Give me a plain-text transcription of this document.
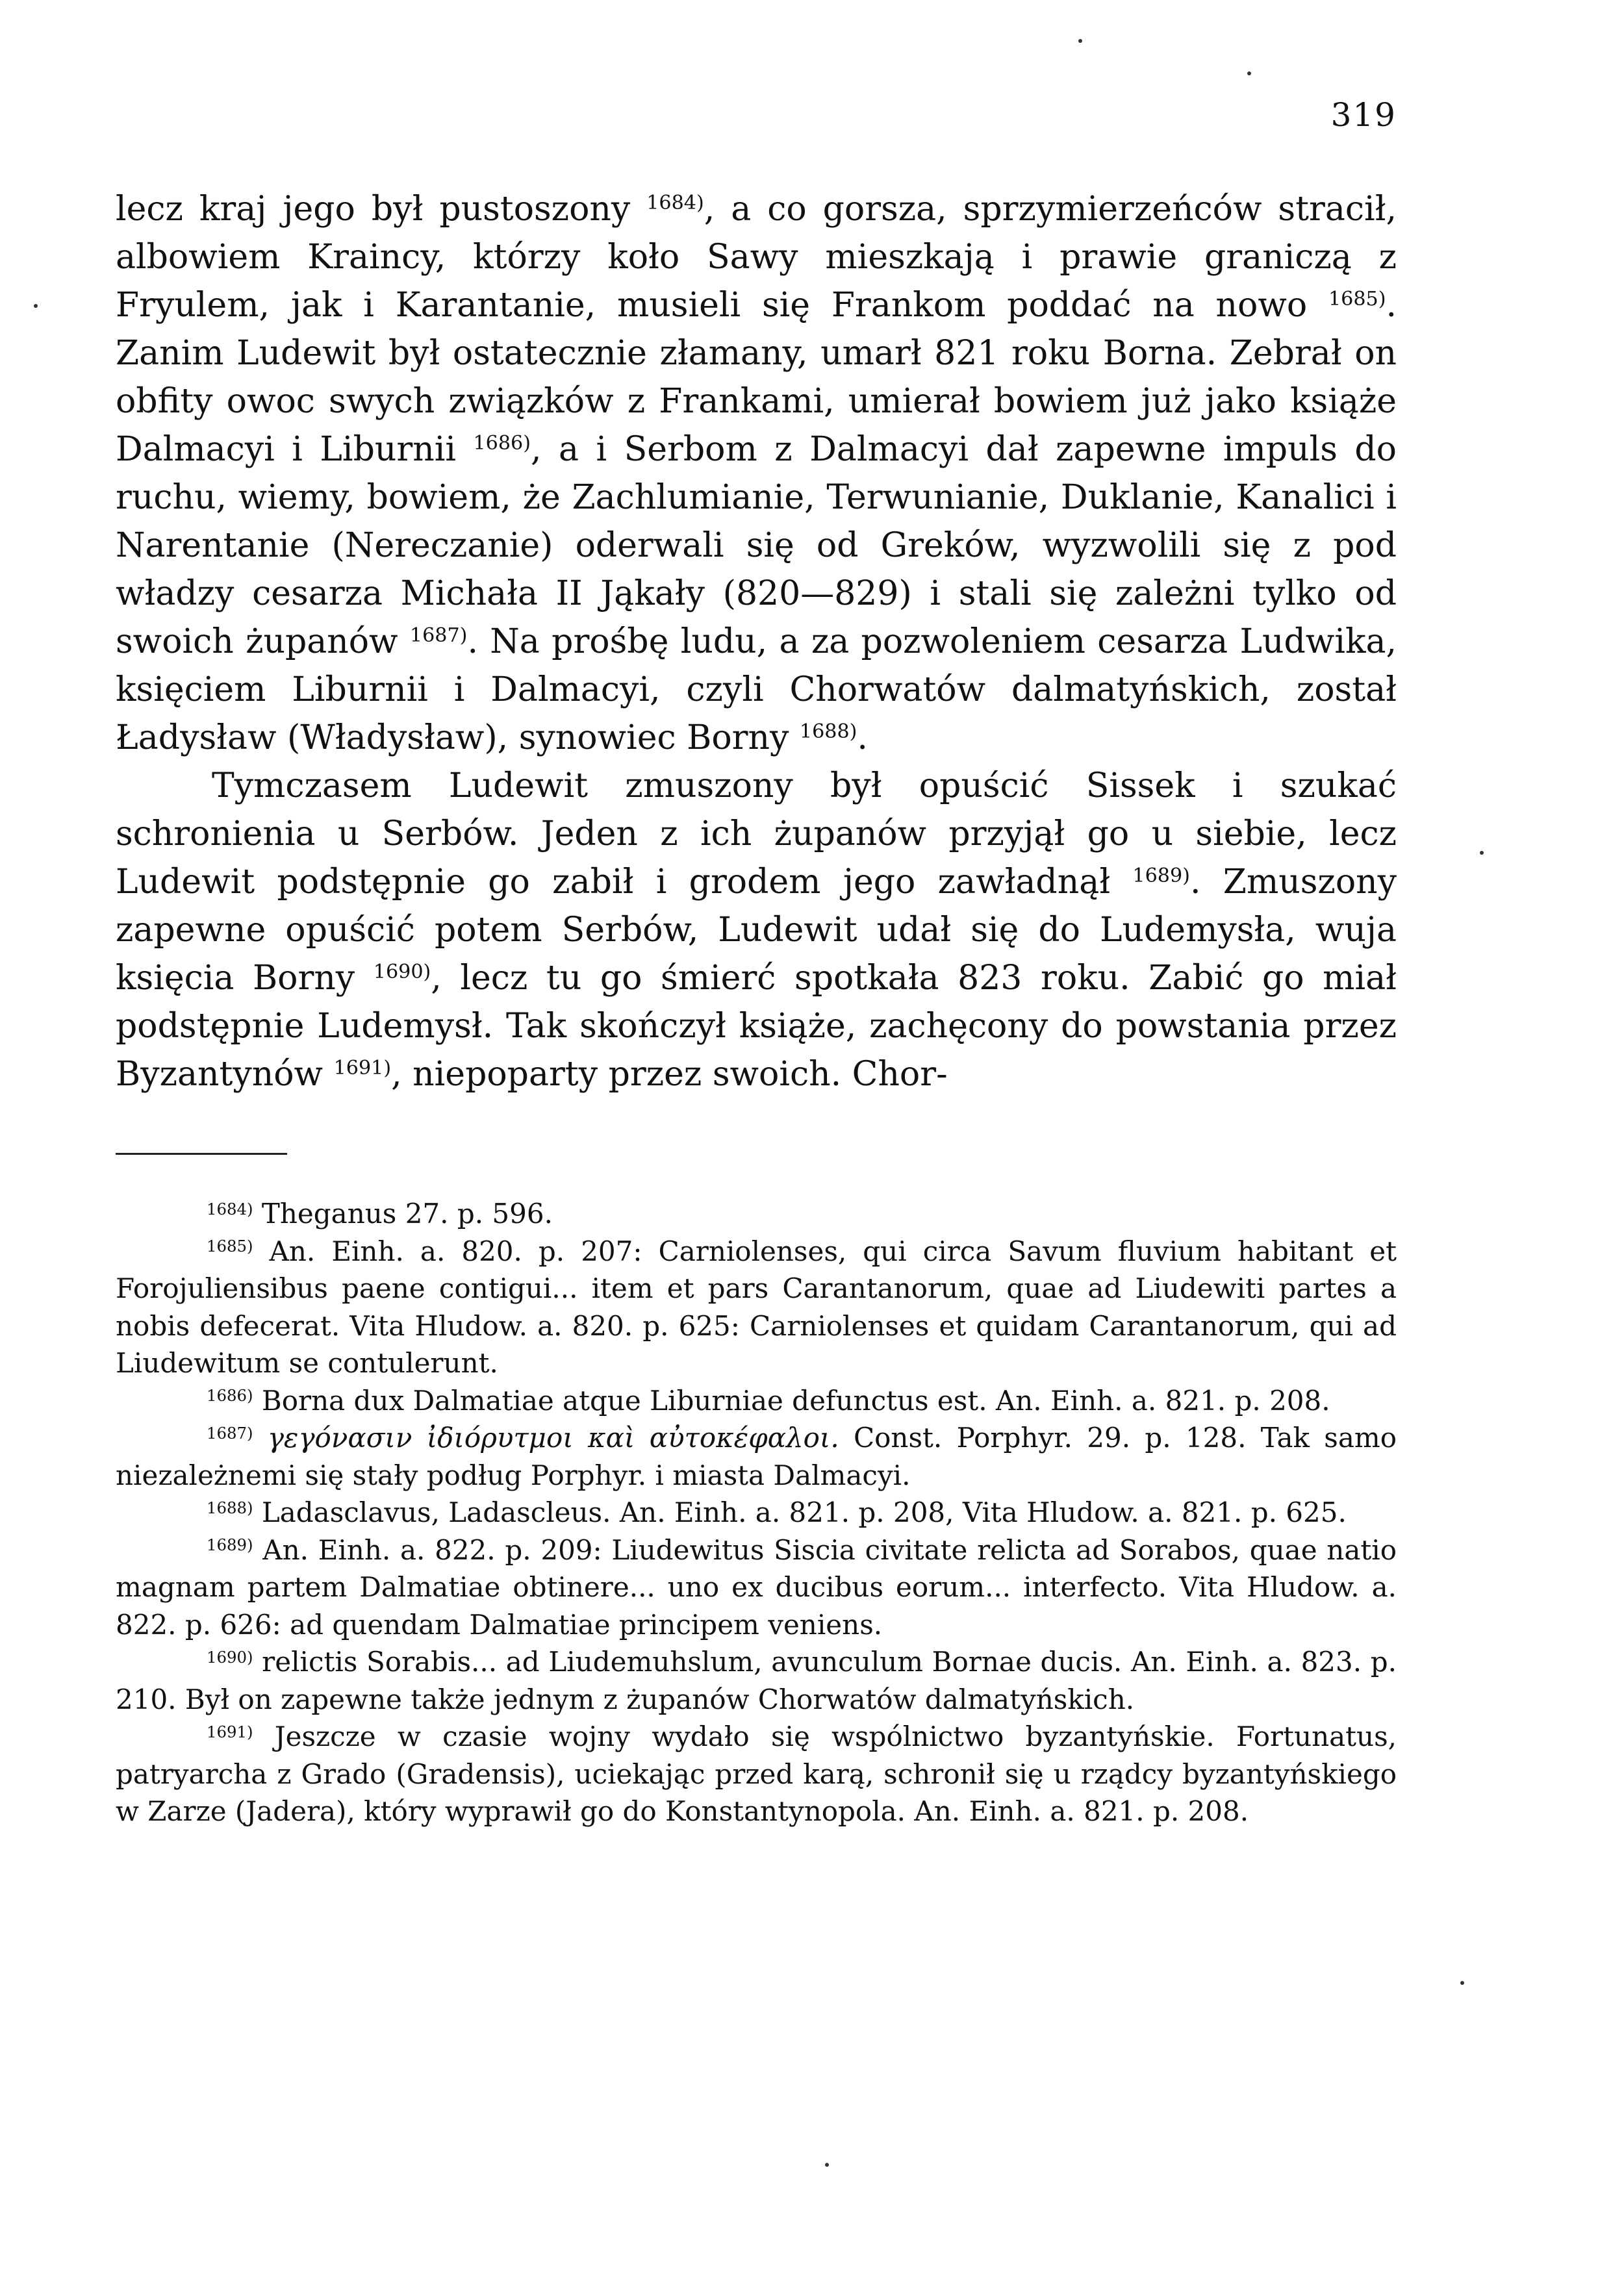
319

lecz kraj jego był pustoszony $^{1684)}$, a co gorsza, sprzymierzeńców stracił, albowiem Kraincy, którzy koło Sawy mieszkają i prawie graniczą z Fryulem, jak i Karantanie, musieli się Frankom poddać na nowo $^{1685)}$. Zanim Ludewit był ostatecznie złamany, umarł 821 roku Borna. Zebrał on obfity owoc swych związków z Frankami, umierał bowiem już jako książe Dalmacyi i Liburnii $^{1686)}$, a i Serbom z Dalmacyi dał zapewne impuls do ruchu, wiemy, bowiem, że Zachlumianie, Terwunianie, Duklanie, Kanalici i Narentanie (Nereczanie) oderwali się od Greków, wyzwolili się z pod władzy cesarza Michała II Jąkały (820—829) i stali się zależni tylko od swoich żupanów $^{1687)}$. Na prośbę ludu, a za pozwoleniem cesarza Ludwika, księciem Liburnii i Dalmacyi, czyli Chorwatów dalmatyńskich, został Ładysław (Władysław), synowiec Borny $^{1688)}$.

Tymczasem Ludewit zmuszony był opuścić Sissek i szukać schronienia u Serbów. Jeden z ich żupanów przyjął go u siebie, lecz Ludewit podstępnie go zabił i grodem jego zawładnął $^{1689)}$. Zmuszony zapewne opuścić potem Serbów, Ludewit udał się do Ludemysła, wuja księcia Borny $^{1690)}$, lecz tu go śmierć spotkała 823 roku. Zabić go miał podstępnie Ludemysł. Tak skończył książe, zachęcony do powstania przez Byzantynów $^{1691)}$, niepoparty przez swoich. Chor-

$^{1684)}$ Theganus 27. p. 596.

$^{1685)}$ An. Einh. a. 820. p. 207: Carniolenses, qui circa Savum fluvium habitant et Forojuliensibus paene contigui... item et pars Carantanorum, quae ad Liudewiti partes a nobis defecerat. Vita Hludow. a. 820. p. 625: Carniolenses et quidam Carantanorum, qui ad Liudewitum se contulerunt.

$^{1686)}$ Borna dux Dalmatiae atque Liburniae defunctus est. An. Einh. a. 821. p. 208.

$^{1687)}$ γεγόνασιν ἰδιόρυτμοι καὶ αὐτοκέφαλοι. Const. Porphyr. 29. p. 128. Tak samo niezależnemi się stały podług Porphyr. i miasta Dalmacyi.

$^{1688)}$ Ladasclavus, Ladascleus. An. Einh. a. 821. p. 208, Vita Hludow. a. 821. p. 625.

$^{1689)}$ An. Einh. a. 822. p. 209: Liudewitus Siscia civitate relicta ad Sorabos, quae natio magnam partem Dalmatiae obtinere... uno ex ducibus eorum... interfecto. Vita Hludow. a. 822. p. 626: ad quendam Dalmatiae principem veniens.

$^{1690)}$ relictis Sorabis... ad Liudemuhslum, avunculum Bornae ducis. An. Einh. a. 823. p. 210. Był on zapewne także jednym z żupanów Chorwatów dalmatyńskich.

$^{1691)}$ Jeszcze w czasie wojny wydało się wspólnictwo byzantyńskie. Fortunatus, patryarcha z Grado (Gradensis), uciekając przed karą, schronił się u rządcy byzantyńskiego w Zarze (Jadera), który wyprawił go do Konstantynopola. An. Einh. a. 821. p. 208.
